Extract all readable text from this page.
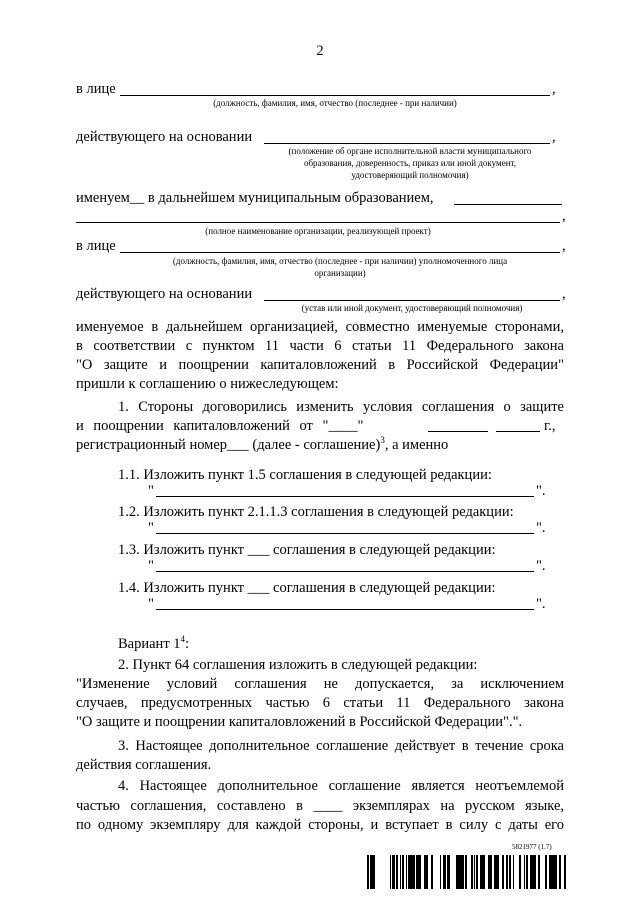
2
в лице	,
(должность, фамилия, имя, отчество (последнее - при наличии)
действующего на основании	,
(положение об органе исполнительной власти муниципального
образования, доверенность, приказ или иной документ,
удостоверяющий полномочия)
именуем__ в дальнейшем муниципальным образованием,
,
(полное наименование организации, реализующей проект)
в лице	,
(должность, фамилия, имя, отчество (последнее - при наличии) уполномоченного лица
организации)
действующего на основании	,
(устав или иной документ, удостоверяющий полномочия)
именуемое в дальнейшем организацией, совместно именуемые сторонами,
в соответствии с пунктом 11 части 6 статьи 11 Федерального закона
"О защите и поощрении капиталовложений в Российской Федерации"
пришли к соглашению о нижеследующем:
1. Стороны договорились изменить условия соглашения о защите
и поощрении капиталовложений от "____"	г.,
регистрационный номер___ (далее - соглашение)$^3$, а именно
1.1. Изложить пункт 1.5 соглашения в следующей редакции:
"	".
1.2. Изложить пункт 2.1.1.3 соглашения в следующей редакции:
"	".
1.3. Изложить пункт ___ соглашения в следующей редакции:
"	".
1.4. Изложить пункт ___ соглашения в следующей редакции:
"	".
Вариант $1^4$:
2. Пункт 64 соглашения изложить в следующей редакции:
"Изменение условий соглашения не допускается, за исключением
случаев, предусмотренных частью 6 статьи 11 Федерального закона
"О защите и поощрении капиталовложений в Российской Федерации".".
3. Настоящее дополнительное соглашение действует в течение срока
действия соглашения.
4. Настоящее дополнительное соглашение является неотъемлемой
частью соглашения, составлено в ____ экземплярах на русском языке,
по одному экземпляру для каждой стороны, и вступает в силу с даты его
5821977 (1.7)
